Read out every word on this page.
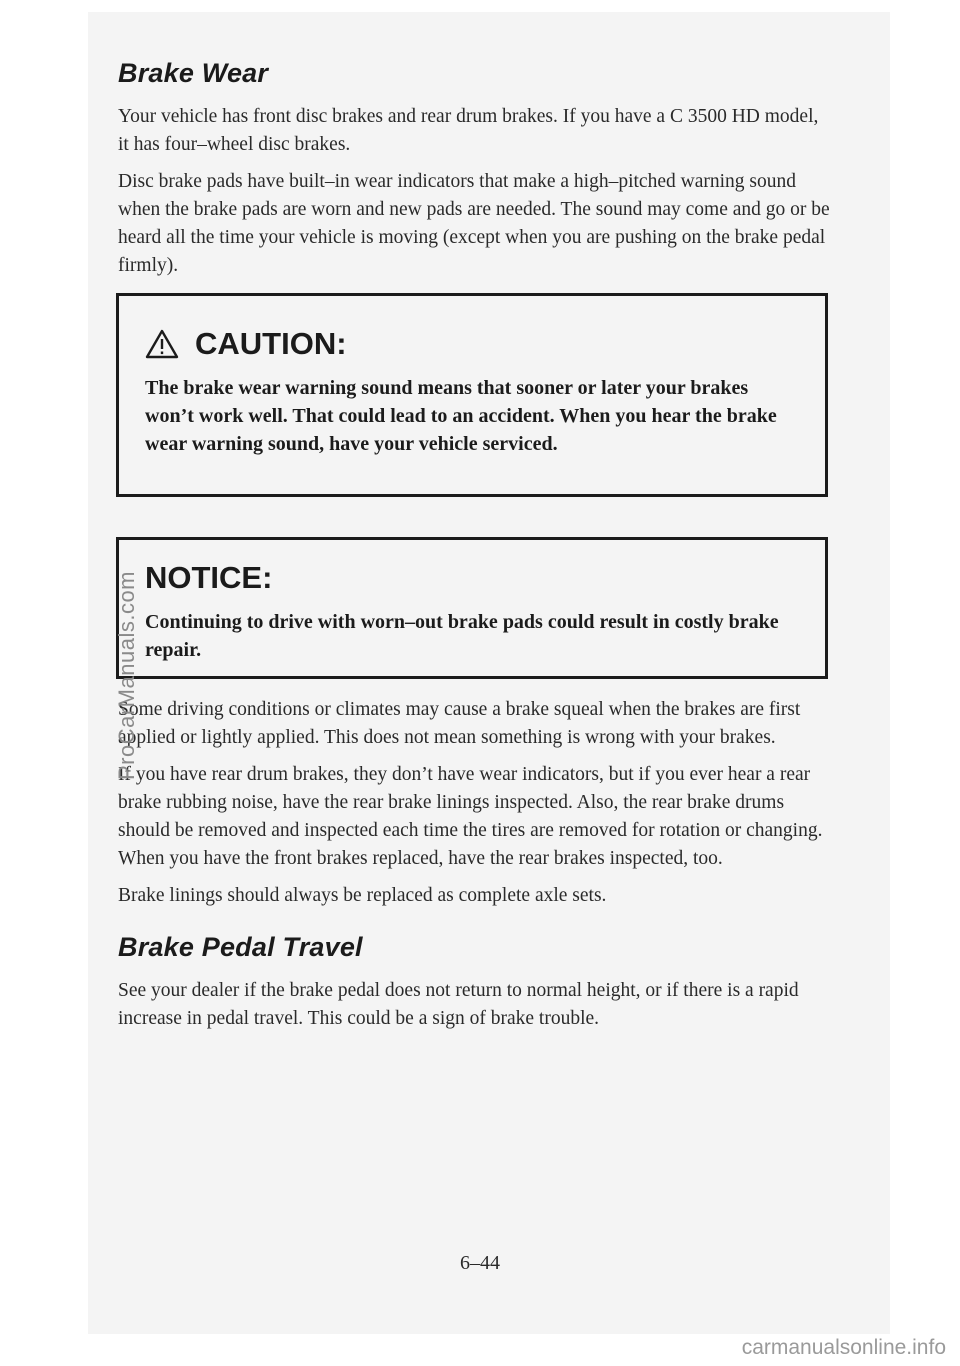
Brake Wear

Your vehicle has front disc brakes and rear drum brakes. If you have a C 3500 HD model, it has four–wheel disc brakes.

Disc brake pads have built–in wear indicators that make a high–pitched warning sound when the brake pads are worn and new pads are needed. The sound may come and go or be heard all the time your vehicle is moving (except when you are pushing on the brake pedal firmly).

CAUTION:

The brake wear warning sound means that sooner or later your brakes won’t work well. That could lead to an accident. When you hear the brake wear warning sound, have your vehicle serviced.

NOTICE:

Continuing to drive with worn–out brake pads could result in costly brake repair.

Some driving conditions or climates may cause a brake squeal when the brakes are first applied or lightly applied. This does not mean something is wrong with your brakes.

If you have rear drum brakes, they don’t have wear indicators, but if you ever hear a rear brake rubbing noise, have the rear brake linings inspected. Also, the rear brake drums should be removed and inspected each time the tires are removed for rotation or changing. When you have the front brakes replaced, have the rear brakes inspected, too.

Brake linings should always be replaced as complete axle sets.

Brake Pedal Travel

See your dealer if the brake pedal does not return to normal height, or if there is a rapid increase in pedal travel. This could be a sign of brake trouble.

6–44
ProCarManuals.com
carmanualsonline.info
